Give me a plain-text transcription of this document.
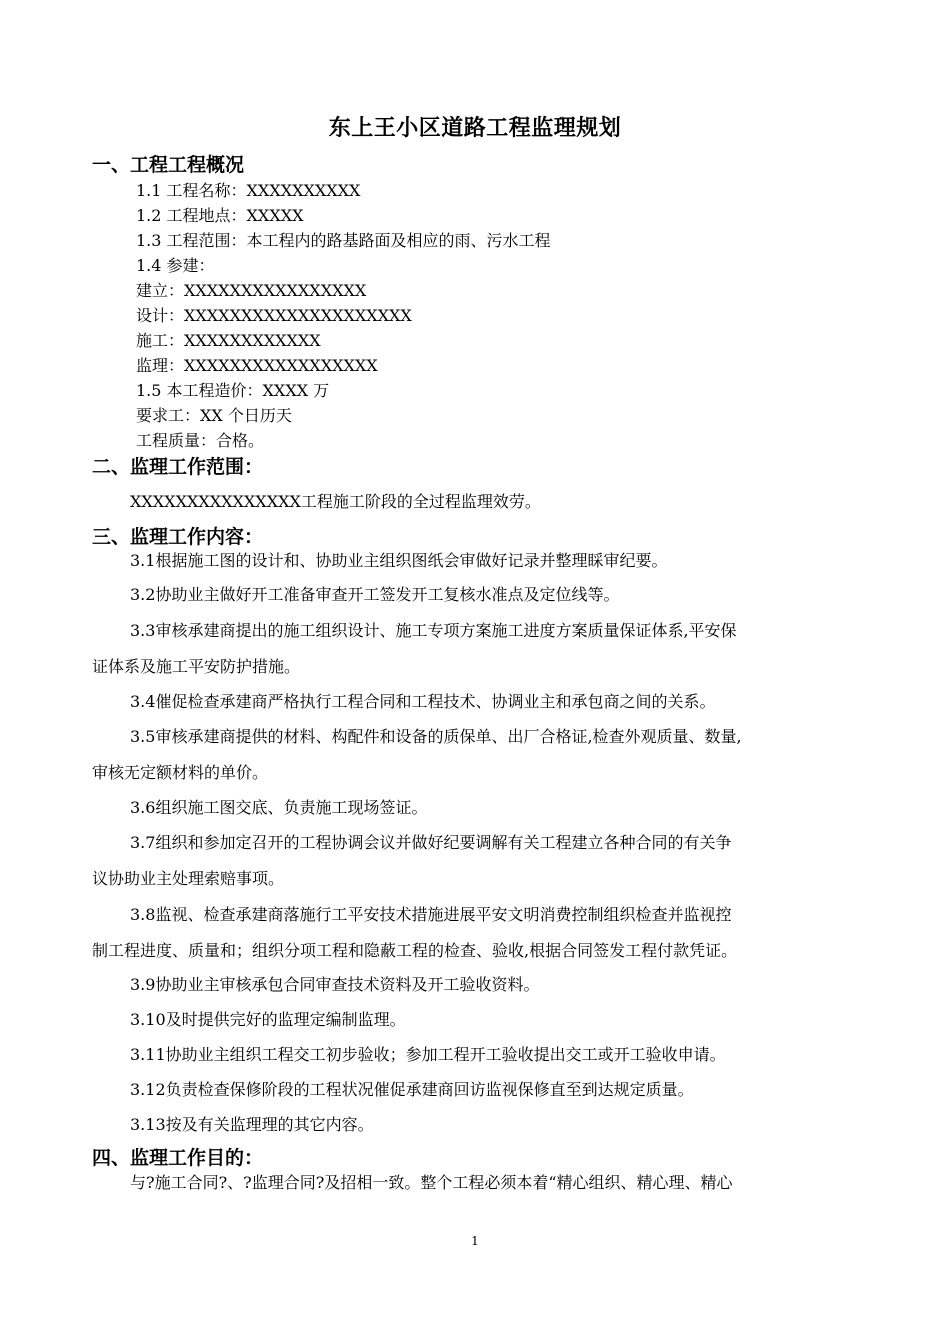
东上王小区道路工程监理规划
一、工程工程概况
1.1 工程名称：XXXXXXXXXX
1.2 工程地点：XXXXX
1.3 工程范围：本工程内的路基路面及相应的雨、污水工程
1.4 参建：
建立：XXXXXXXXXXXXXXXX
设计：XXXXXXXXXXXXXXXXXXXX
施工：XXXXXXXXXXXX
监理：XXXXXXXXXXXXXXXXX
1.5 本工程造价：XXXX 万
要求工：XX 个日历天
工程质量：合格。
二、监理工作范围：
XXXXXXXXXXXXXXX工程施工阶段的全过程监理效劳。
三、监理工作内容：
3.1根据施工图的设计和、协助业主组织图纸会审做好记录并整理睬审纪要。
3.2协助业主做好开工准备审查开工签发开工复核水准点及定位线等。
3.3审核承建商提出的施工组织设计、施工专项方案施工进度方案质量保证体系,平安保
证体系及施工平安防护措施。
3.4催促检查承建商严格执行工程合同和工程技术、协调业主和承包商之间的关系。
3.5审核承建商提供的材料、构配件和设备的质保单、出厂合格证,检查外观质量、数量,
审核无定额材料的单价。
3.6组织施工图交底、负责施工现场签证。
3.7组织和参加定召开的工程协调会议并做好纪要调解有关工程建立各种合同的有关争
议协助业主处理索赔事项。
3.8监视、检查承建商落施行工平安技术措施进展平安文明消费控制组织检查并监视控
制工程进度、质量和；组织分项工程和隐蔽工程的检查、验收,根据合同签发工程付款凭证。
3.9协助业主审核承包合同审查技术资料及开工验收资料。
3.10及时提供完好的监理定编制监理。
3.11协助业主组织工程交工初步验收；参加工程开工验收提出交工或开工验收申请。
3.12负责检查保修阶段的工程状况催促承建商回访监视保修直至到达规定质量。
3.13按及有关监理理的其它内容。
四、监理工作目的：
与?施工合同?、?监理合同?及招相一致。整个工程必须本着“精心组织、精心理、精心
1
